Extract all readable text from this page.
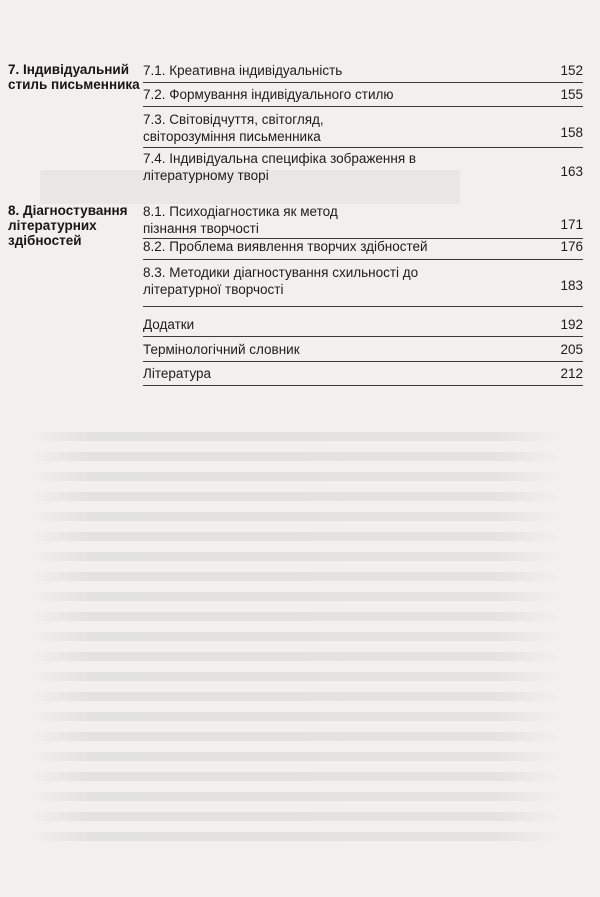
7. Індивідуальний стиль письменника
7.1. Креативна індивідуальність	152
7.2. Формування індивідуального стилю	155
7.3. Світовідчуття, світогляд, світорозуміння письменника	158
7.4. Індивідуальна специфіка зображення в літературному творі	163
8. Діагностування літературних здібностей
8.1. Психодіагностика як метод пізнання творчості	171
8.2. Проблема виявлення творчих здібностей	176
8.3. Методики діагностування схильності до літературної творчості	183
Додатки	192
Термінологічний словник	205
Література	212
